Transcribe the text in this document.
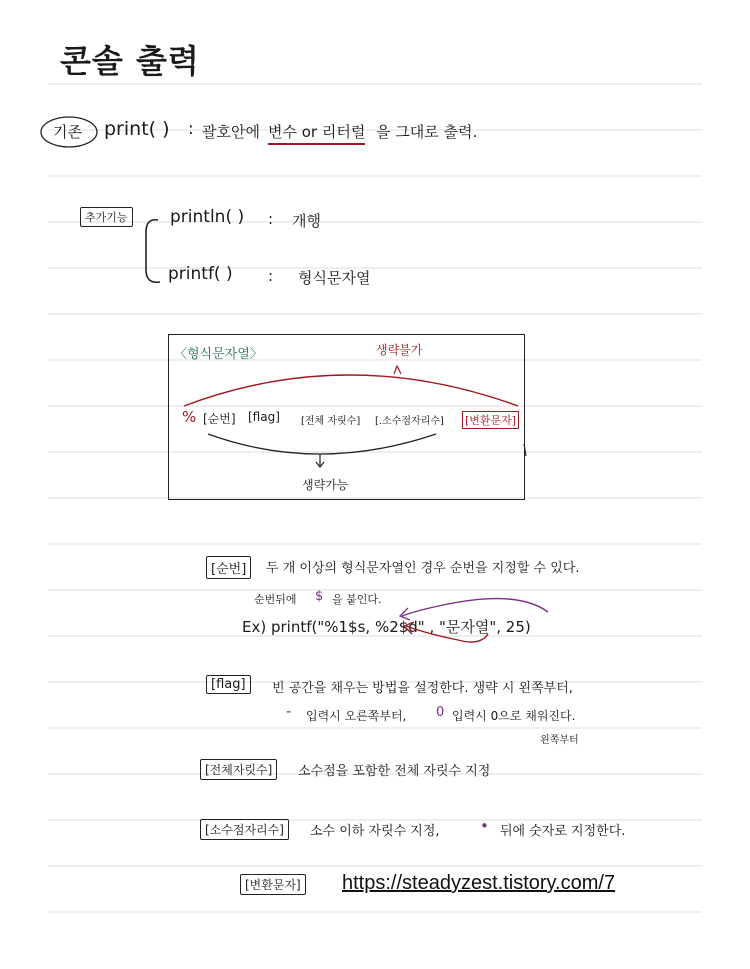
콘솔 출력
기존 print( ) : 괄호안에 변수 or 리터럴 을 그대로 출력.
추가기능 println( ) : 개행
printf( ) : 형식문자열
〈형식문자열〉	생략불가
% [순번] [flag] [전체 자릿수] [.소수점자리수] [변환문자]
생략가능
[순번]	두 개 이상의 형식문자열인 경우 순번을 지정할 수 있다.
순번뒤에 $ 을 붙인다.
Ex) printf("%1$s, %2$d" , "문자열", 25)
[flag]	빈 공간을 채우는 방법을 설정한다. 생략 시 왼쪽부터,
- 입력시 오른쪽부터, 0 입력시 0으로 채워진다.
왼쪽부터
[전체자릿수]	소수점을 포함한 전체 자릿수 지정
[소수점자리수]	소수 이하 자릿수 지정,	• 뒤에 숫자로 지정한다.
[변환문자] https://steadyzest.tistory.com/7
